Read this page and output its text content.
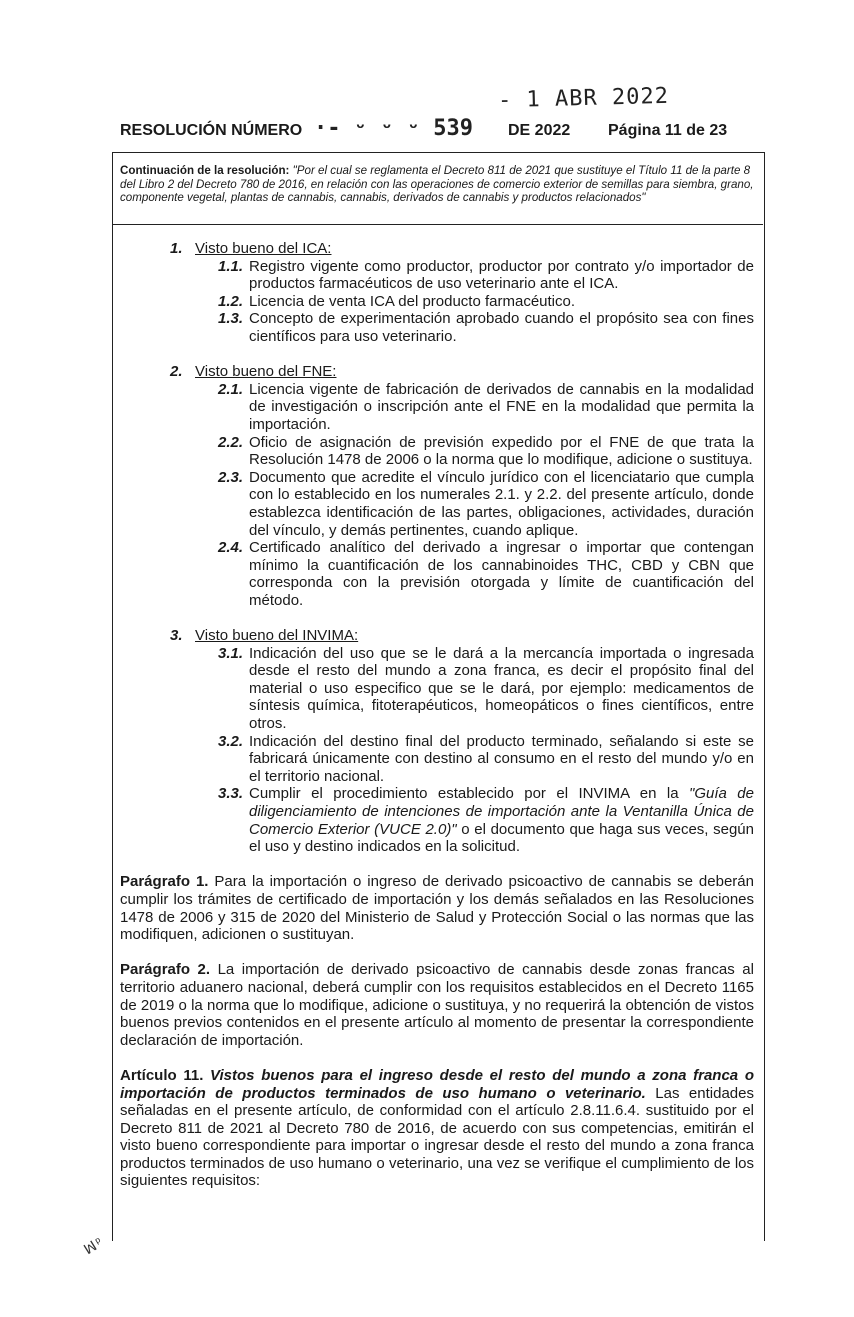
- 1 ABR 2022
RESOLUCIÓN NÚMERO ·- ᵕ ᵕ ᵕ 539 DE 2022 Página 11 de 23
Continuación de la resolución: "Por el cual se reglamenta el Decreto 811 de 2021 que sustituye el Título 11 de la parte 8 del Libro 2 del Decreto 780 de 2016, en relación con las operaciones de comercio exterior de semillas para siembra, grano, componente vegetal, plantas de cannabis, cannabis, derivados de cannabis y productos relacionados"
1. Visto bueno del ICA:
1.1. Registro vigente como productor, productor por contrato y/o importador de productos farmacéuticos de uso veterinario ante el ICA.
1.2. Licencia de venta ICA del producto farmacéutico.
1.3. Concepto de experimentación aprobado cuando el propósito sea con fines científicos para uso veterinario.
2. Visto bueno del FNE:
2.1. Licencia vigente de fabricación de derivados de cannabis en la modalidad de investigación o inscripción ante el FNE en la modalidad que permita la importación.
2.2. Oficio de asignación de previsión expedido por el FNE de que trata la Resolución 1478 de 2006 o la norma que lo modifique, adicione o sustituya.
2.3. Documento que acredite el vínculo jurídico con el licenciatario que cumpla con lo establecido en los numerales 2.1. y 2.2. del presente artículo, donde establezca identificación de las partes, obligaciones, actividades, duración del vínculo, y demás pertinentes, cuando aplique.
2.4. Certificado analítico del derivado a ingresar o importar que contengan mínimo la cuantificación de los cannabinoides THC, CBD y CBN que corresponda con la previsión otorgada y límite de cuantificación del método.
3. Visto bueno del INVIMA:
3.1. Indicación del uso que se le dará a la mercancía importada o ingresada desde el resto del mundo a zona franca, es decir el propósito final del material o uso especifico que se le dará, por ejemplo: medicamentos de síntesis química, fitoterapéuticos, homeopáticos o fines científicos, entre otros.
3.2. Indicación del destino final del producto terminado, señalando si este se fabricará únicamente con destino al consumo en el resto del mundo y/o en el territorio nacional.
3.3. Cumplir el procedimiento establecido por el INVIMA en la "Guía de diligenciamiento de intenciones de importación ante la Ventanilla Única de Comercio Exterior (VUCE 2.0)" o el documento que haga sus veces, según el uso y destino indicados en la solicitud.
Parágrafo 1. Para la importación o ingreso de derivado psicoactivo de cannabis se deberán cumplir los trámites de certificado de importación y los demás señalados en las Resoluciones 1478 de 2006 y 315 de 2020 del Ministerio de Salud y Protección Social o las normas que las modifiquen, adicionen o sustituyan.
Parágrafo 2. La importación de derivado psicoactivo de cannabis desde zonas francas al territorio aduanero nacional, deberá cumplir con los requisitos establecidos en el Decreto 1165 de 2019 o la norma que lo modifique, adicione o sustituya, y no requerirá la obtención de vistos buenos previos contenidos en el presente artículo al momento de presentar la correspondiente declaración de importación.
Artículo 11. Vistos buenos para el ingreso desde el resto del mundo a zona franca o importación de productos terminados de uso humano o veterinario. Las entidades señaladas en el presente artículo, de conformidad con el artículo 2.8.11.6.4. sustituido por el Decreto 811 de 2021 al Decreto 780 de 2016, de acuerdo con sus competencias, emitirán el visto bueno correspondiente para importar o ingresar desde el resto del mundo a zona franca productos terminados de uso humano o veterinario, una vez se verifique el cumplimiento de los siguientes requisitos:
ꟽᵖ
